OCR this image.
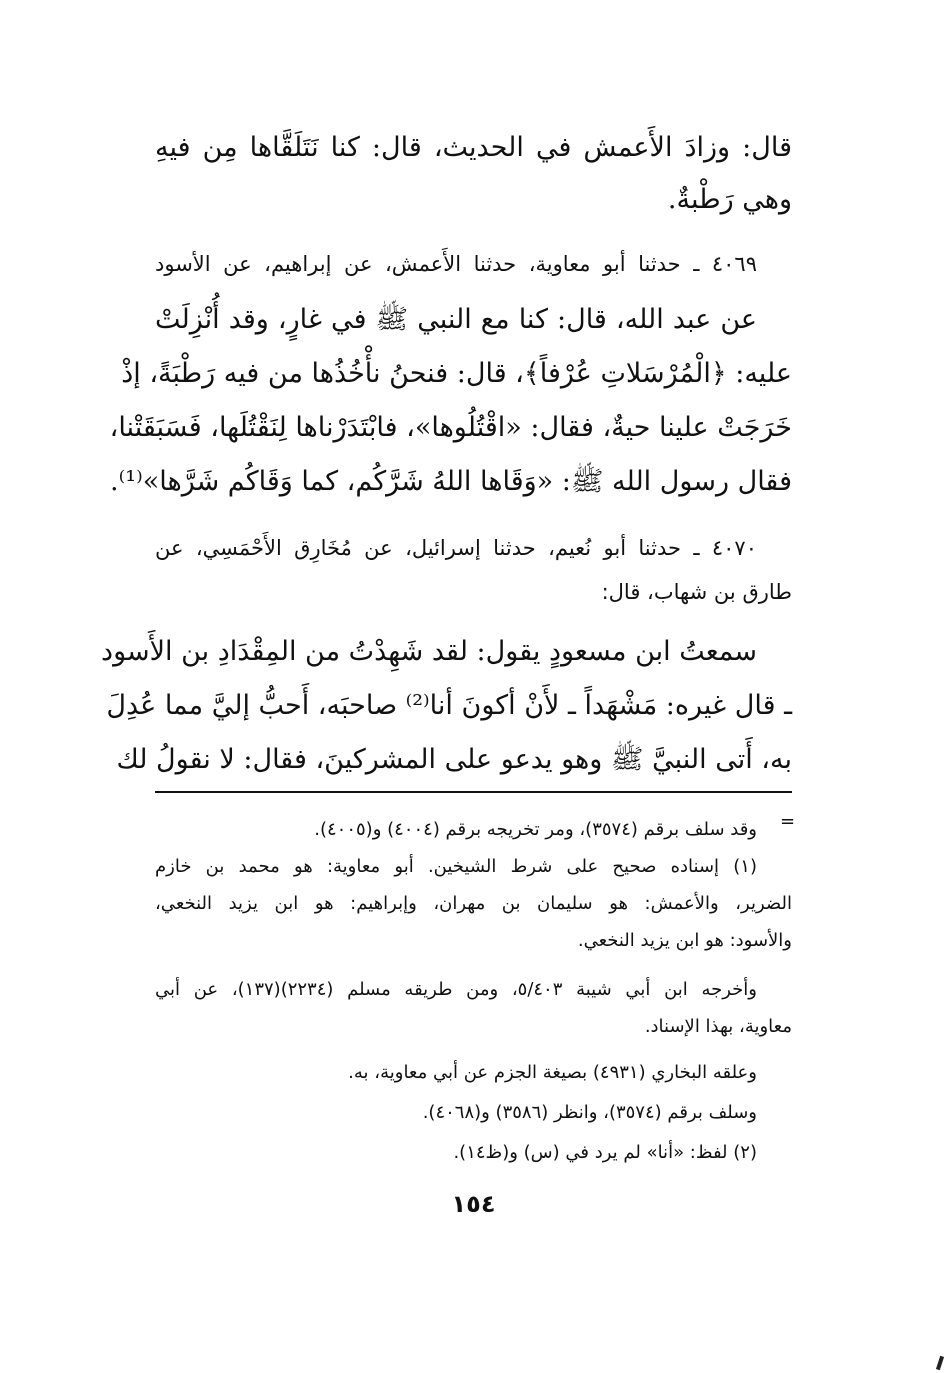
قال: وزادَ الأَعمش في الحديث، قال: كنا نَتَلَقَّاها مِن فيهِ
وهي رَطْبةٌ.
٤٠٦٩ ـ حدثنا أبو معاوية، حدثنا الأَعمش، عن إبراهيم، عن الأسود
عن عبد الله، قال: كنا مع النبي ﷺ في غارٍ، وقد أُنْزِلَتْ
عليه: ﴿الْمُرْسَلاتِ عُرْفاً﴾، قال: فنحنُ نأْخُذُها من فيه رَطْبَةً، إذْ
خَرَجَتْ علينا حيةٌ، فقال: «اقْتُلُوها»، فابْتَدَرْناها لِنَقْتُلَها، فَسَبَقَتْنا،
فقال رسول الله ﷺ: «وَقَاها اللهُ شَرَّكُم، كما وَقَاكُم شَرَّها»⁽¹⁾.
٤٠٧٠ ـ حدثنا أبو نُعيم، حدثنا إسرائيل، عن مُخَارِق الأَحْمَسِي، عن
طارق بن شهاب، قال:
سمعتُ ابن مسعودٍ يقول: لقد شَهِدْتُ من المِقْدَادِ بن الأَسود
ـ قال غيره: مَشْهَداً ـ لأَنْ أكونَ أنا⁽²⁾ صاحبَه، أَحبُّ إليَّ مما عُدِلَ
به، أَتى النبيَّ ﷺ وهو يدعو على المشركينَ، فقال: لا نقولُ لك
=
وقد سلف برقم (٣٥٧٤)، ومر تخريجه برقم (٤٠٠٤) و(٤٠٠٥).
(١) إسناده صحيح على شرط الشيخين. أبو معاوية: هو محمد بن خازم
الضرير، والأعمش: هو سليمان بن مهران، وإبراهيم: هو ابن يزيد النخعي،
والأسود: هو ابن يزيد النخعي.
وأخرجه ابن أبي شيبة ٥/٤٠٣، ومن طريقه مسلم (٢٢٣٤)(١٣٧)، عن أبي
معاوية، بهذا الإسناد.
وعلقه البخاري (٤٩٣١) بصيغة الجزم عن أبي معاوية، به.
وسلف برقم (٣٥٧٤)، وانظر (٣٥٨٦) و(٤٠٦٨).
(٢) لفظ: «أنا» لم يرد في (س) و(ظ١٤).
١٥٤
